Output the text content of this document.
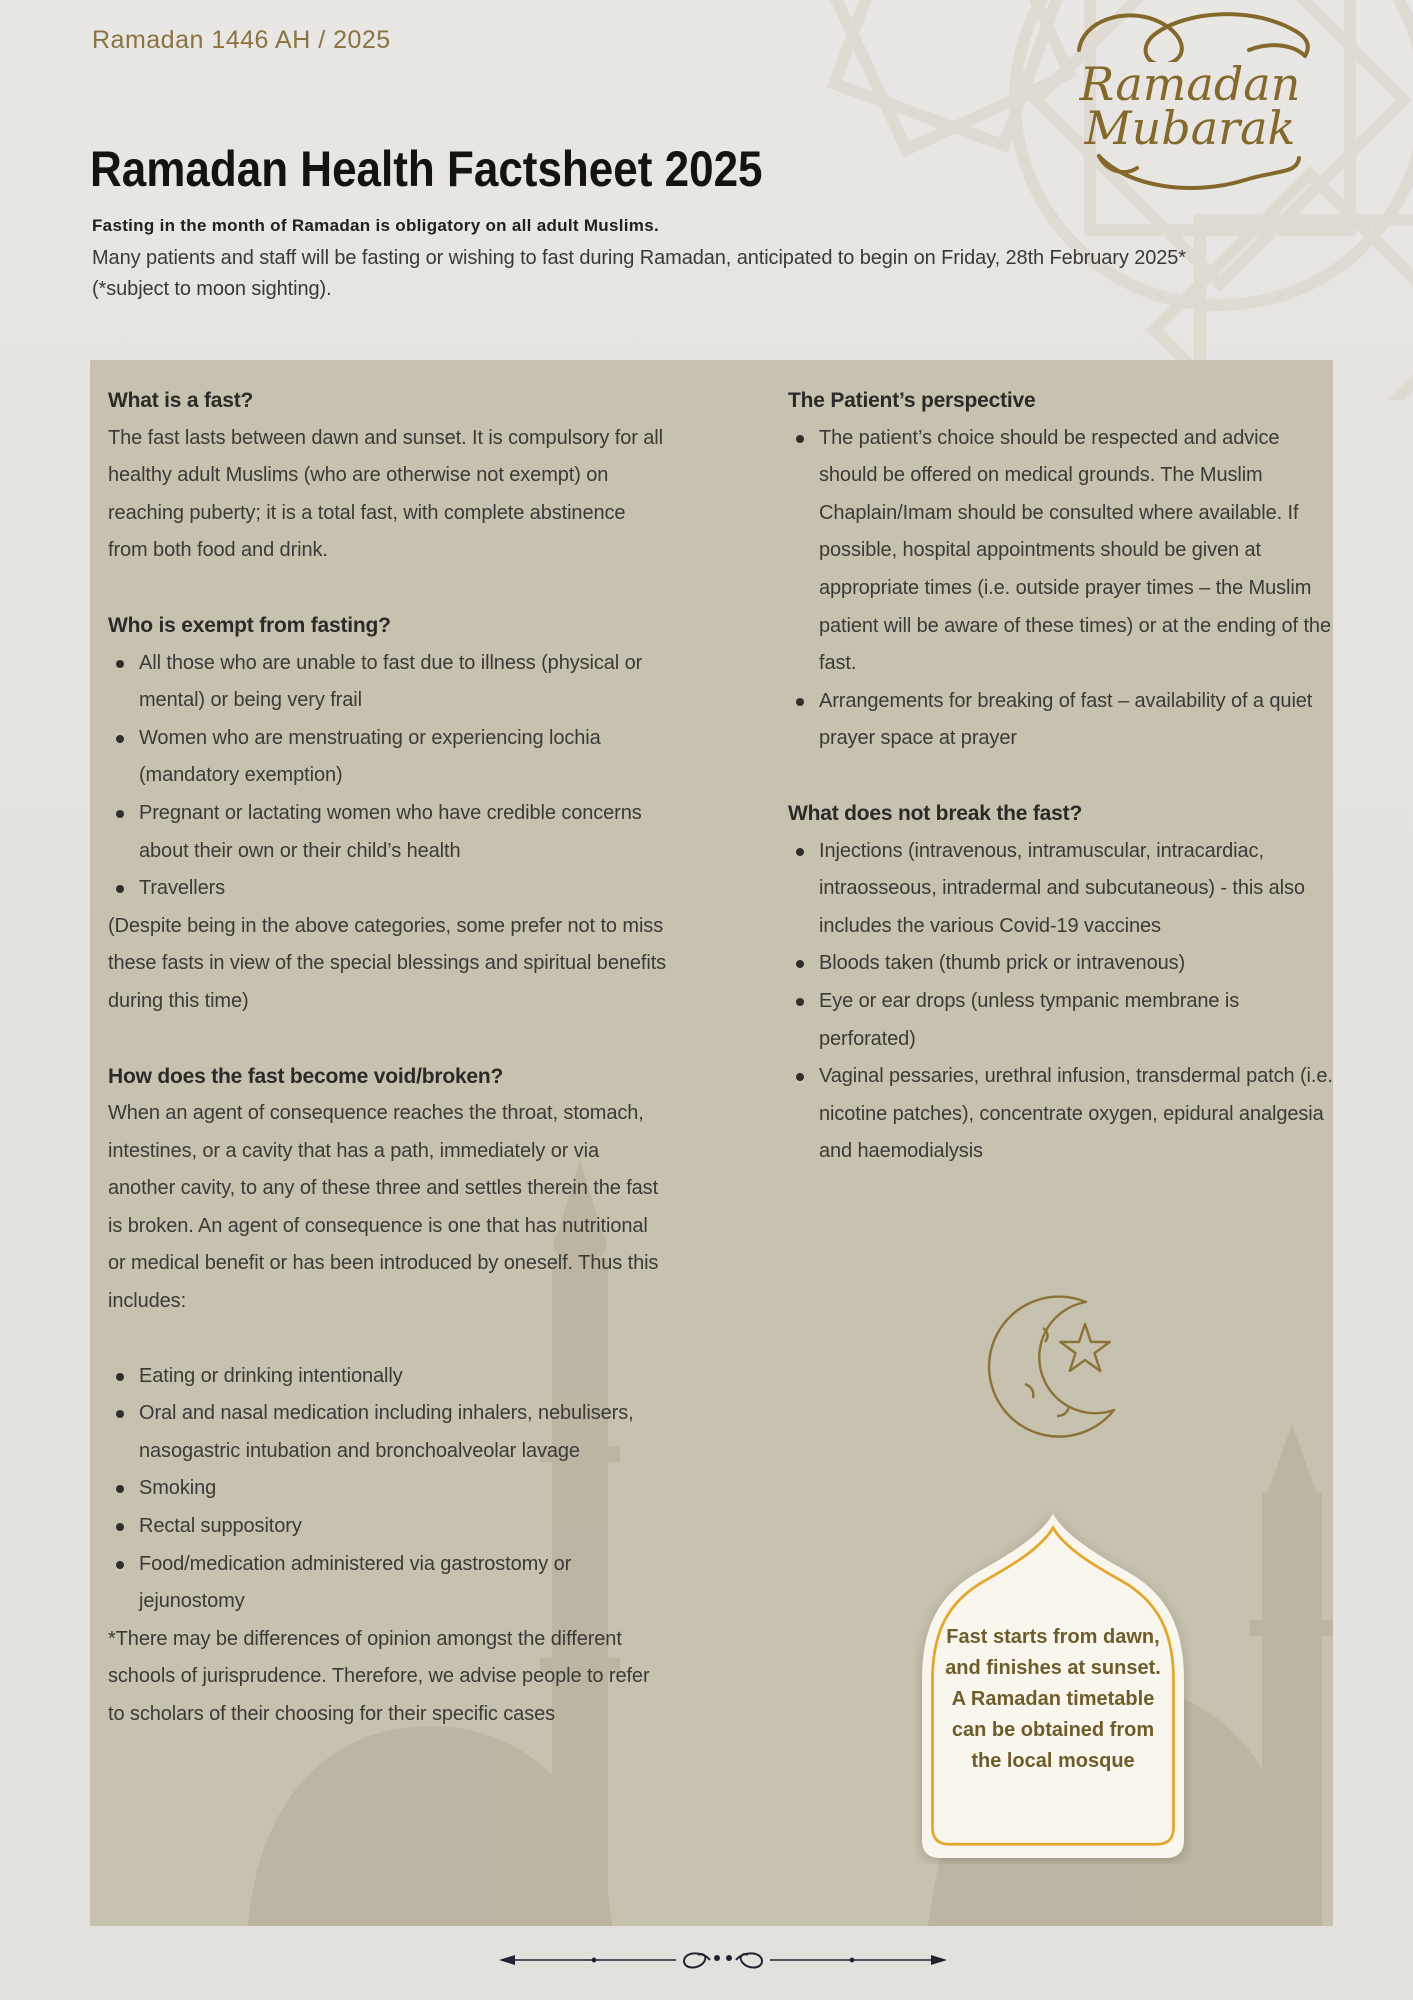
Ramadan 1446 AH / 2025
Ramadan
Mubarak
Ramadan Health Factsheet 2025
Fasting in the month of Ramadan is obligatory on all adult Muslims.
Many patients and staff will be fasting or wishing to fast during Ramadan, anticipated to begin on Friday, 28th February 2025*
(*subject to moon sighting).
What is a fast?

The fast lasts between dawn and sunset. It is compulsory for all healthy adult Muslims (who are otherwise not exempt) on reaching puberty; it is a total fast, with complete abstinence from both food and drink.

Who is exempt from fasting?
All those who are unable to fast due to illness (physical or mental) or being very frail
Women who are menstruating or experiencing lochia (mandatory exemption)
Pregnant or lactating women who have credible concerns about their own or their child’s health
Travellers

(Despite being in the above categories, some prefer not to miss these fasts in view of the special blessings and spiritual benefits during this time)

How does the fast become void/broken?

When an agent of consequence reaches the throat, stomach, intestines, or a cavity that has a path, immediately or via another cavity, to any of these three and settles therein the fast is broken. An agent of consequence is one that has nutritional or medical benefit or has been introduced by oneself. Thus this includes:

Eating or drinking intentionally
Oral and nasal medication including inhalers, nebulisers, nasogastric intubation and bronchoalveolar lavage
Smoking
Rectal suppository
Food/medication administered via gastrostomy or jejunostomy

*There may be differences of opinion amongst the different schools of jurisprudence. Therefore, we advise people to refer to scholars of their choosing for their specific cases

The Patient’s perspective
The patient’s choice should be respected and advice should be offered on medical grounds. The Muslim Chaplain/Imam should be consulted where available. If possible, hospital appointments should be given at appropriate times (i.e. outside prayer times – the Muslim patient will be aware of these times) or at the ending of the fast.
Arrangements for breaking of fast – availability of a quiet prayer space at prayer
What does not break the fast?
Injections (intravenous, intramuscular, intracardiac, intraosseous, intradermal and subcutaneous) - this also includes the various Covid-19 vaccines
Bloods taken (thumb prick or intravenous)
Eye or ear drops (unless tympanic membrane is perforated)
Vaginal pessaries, urethral infusion, transdermal patch (i.e. nicotine patches), concentrate oxygen, epidural analgesia and haemodialysis
Fast starts from dawn, and finishes at sunset. A Ramadan timetable can be obtained from the local mosque
